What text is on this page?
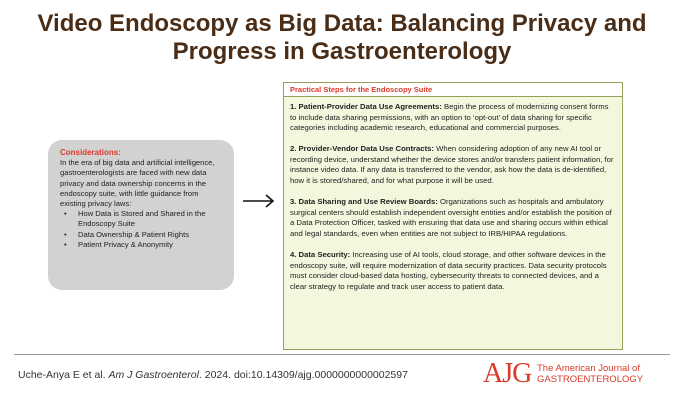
Video Endoscopy as Big Data: Balancing Privacy and
Progress in Gastroenterology
Considerations:
In the era of big data and artificial intelligence, gastroenterologists are faced with new data privacy and data ownership concerns in the endoscopy suite, with little guidance from existing privacy laws:
• How Data is Stored and Shared in the Endoscopy Suite
• Data Ownership & Patient Rights
• Patient Privacy & Anonymity
Practical Steps for the Endoscopy Suite
1. Patient-Provider Data Use Agreements: Begin the process of modernizing consent forms to include data sharing permissions, with an option to ‘opt-out’ of data sharing for specific categories including academic research, educational and commercial purposes.
2. Provider-Vendor Data Use Contracts: When considering adoption of any new AI tool or recording device, understand whether the device stores and/or transfers patient information, for instance video data. If any data is transferred to the vendor, ask how the data is de-identified, how it is stored/shared, and for what purpose it will be used.
3. Data Sharing and Use Review Boards: Organizations such as hospitals and ambulatory surgical centers should establish independent oversight entities and/or establish the position of a Data Protection Officer, tasked with ensuring that data use and sharing occurs within ethical and legal standards, even when entities are not subject to IRB/HIPAA regulations.
4. Data Security: Increasing use of AI tools, cloud storage, and other software devices in the endoscopy suite, will require modernization of data security practices. Data security protocols must consider cloud-based data hosting, cybersecurity threats to connected devices, and a clear strategy to regulate and track user access to patient data.
Uche-Anya E et al. Am J Gastroenterol. 2024. doi:10.14309/ajg.0000000000002597	AJG The American Journal of
GASTROENTEROLOGY
